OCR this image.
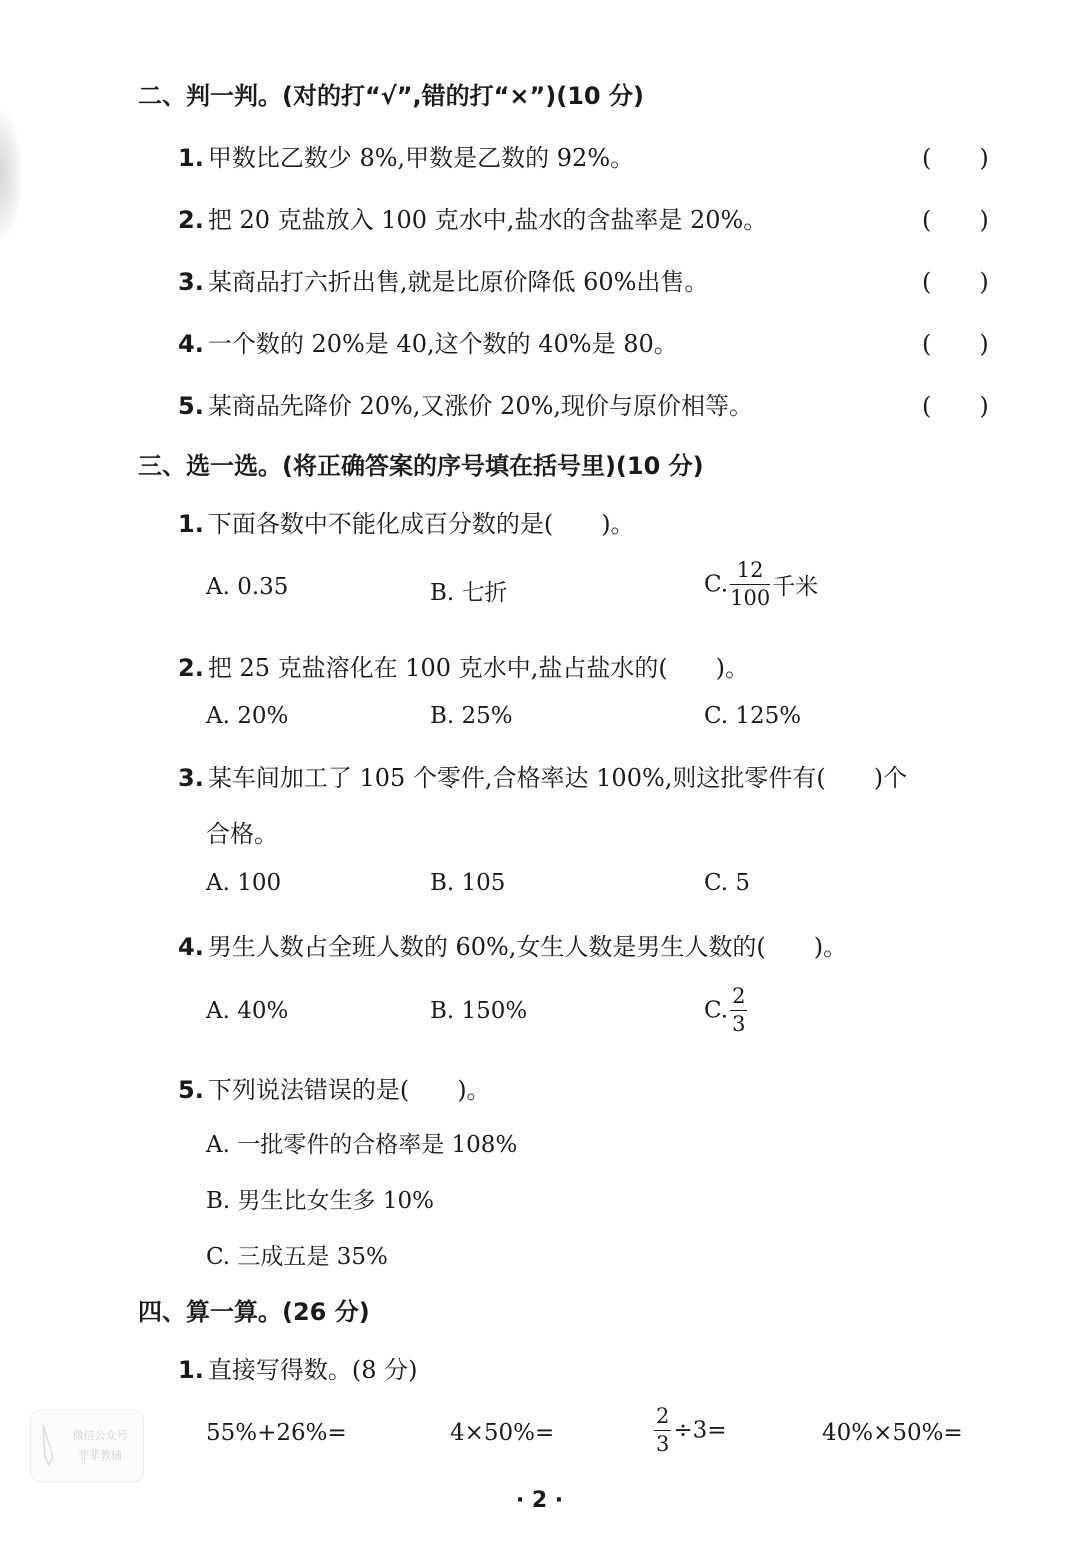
二、判一判。(对的打“√”,错的打“×”)(10 分)
1. 甲数比乙数少 8%,甲数是乙数的 92%。	(　　)
2. 把 20 克盐放入 100 克水中,盐水的含盐率是 20%。	(　　)
3. 某商品打六折出售,就是比原价降低 60%出售。	(　　)
4. 一个数的 20%是 40,这个数的 40%是 80。	(　　)
5. 某商品先降价 20%,又涨价 20%,现价与原价相等。	(　　)
三、选一选。(将正确答案的序号填在括号里)(10 分)
1. 下面各数中不能化成百分数的是(　　)。
A. 0.35	B. 七折	C. $\frac{12}{100}$ 千米
2. 把 25 克盐溶化在 100 克水中,盐占盐水的(　　)。
A. 20%	B. 25%	C. 125%
3. 某车间加工了 105 个零件,合格率达 100%,则这批零件有(　　)个
合格。
A. 100	B. 105	C. 5
4. 男生人数占全班人数的 60%,女生人数是男生人数的(　　)。
A. 40%	B. 150%	C. $\frac{2}{3}$
5. 下列说法错误的是(　　)。
A. 一批零件的合格率是 108%
B. 男生比女生多 10%
C. 三成五是 35%
四、算一算。(26 分)
1. 直接写得数。(8 分)
55%+26%=	4×50%=	$\frac{2}{3} \div 3=$	40%×50%=
微信公众号
菲菲教辅
· 2 ·
